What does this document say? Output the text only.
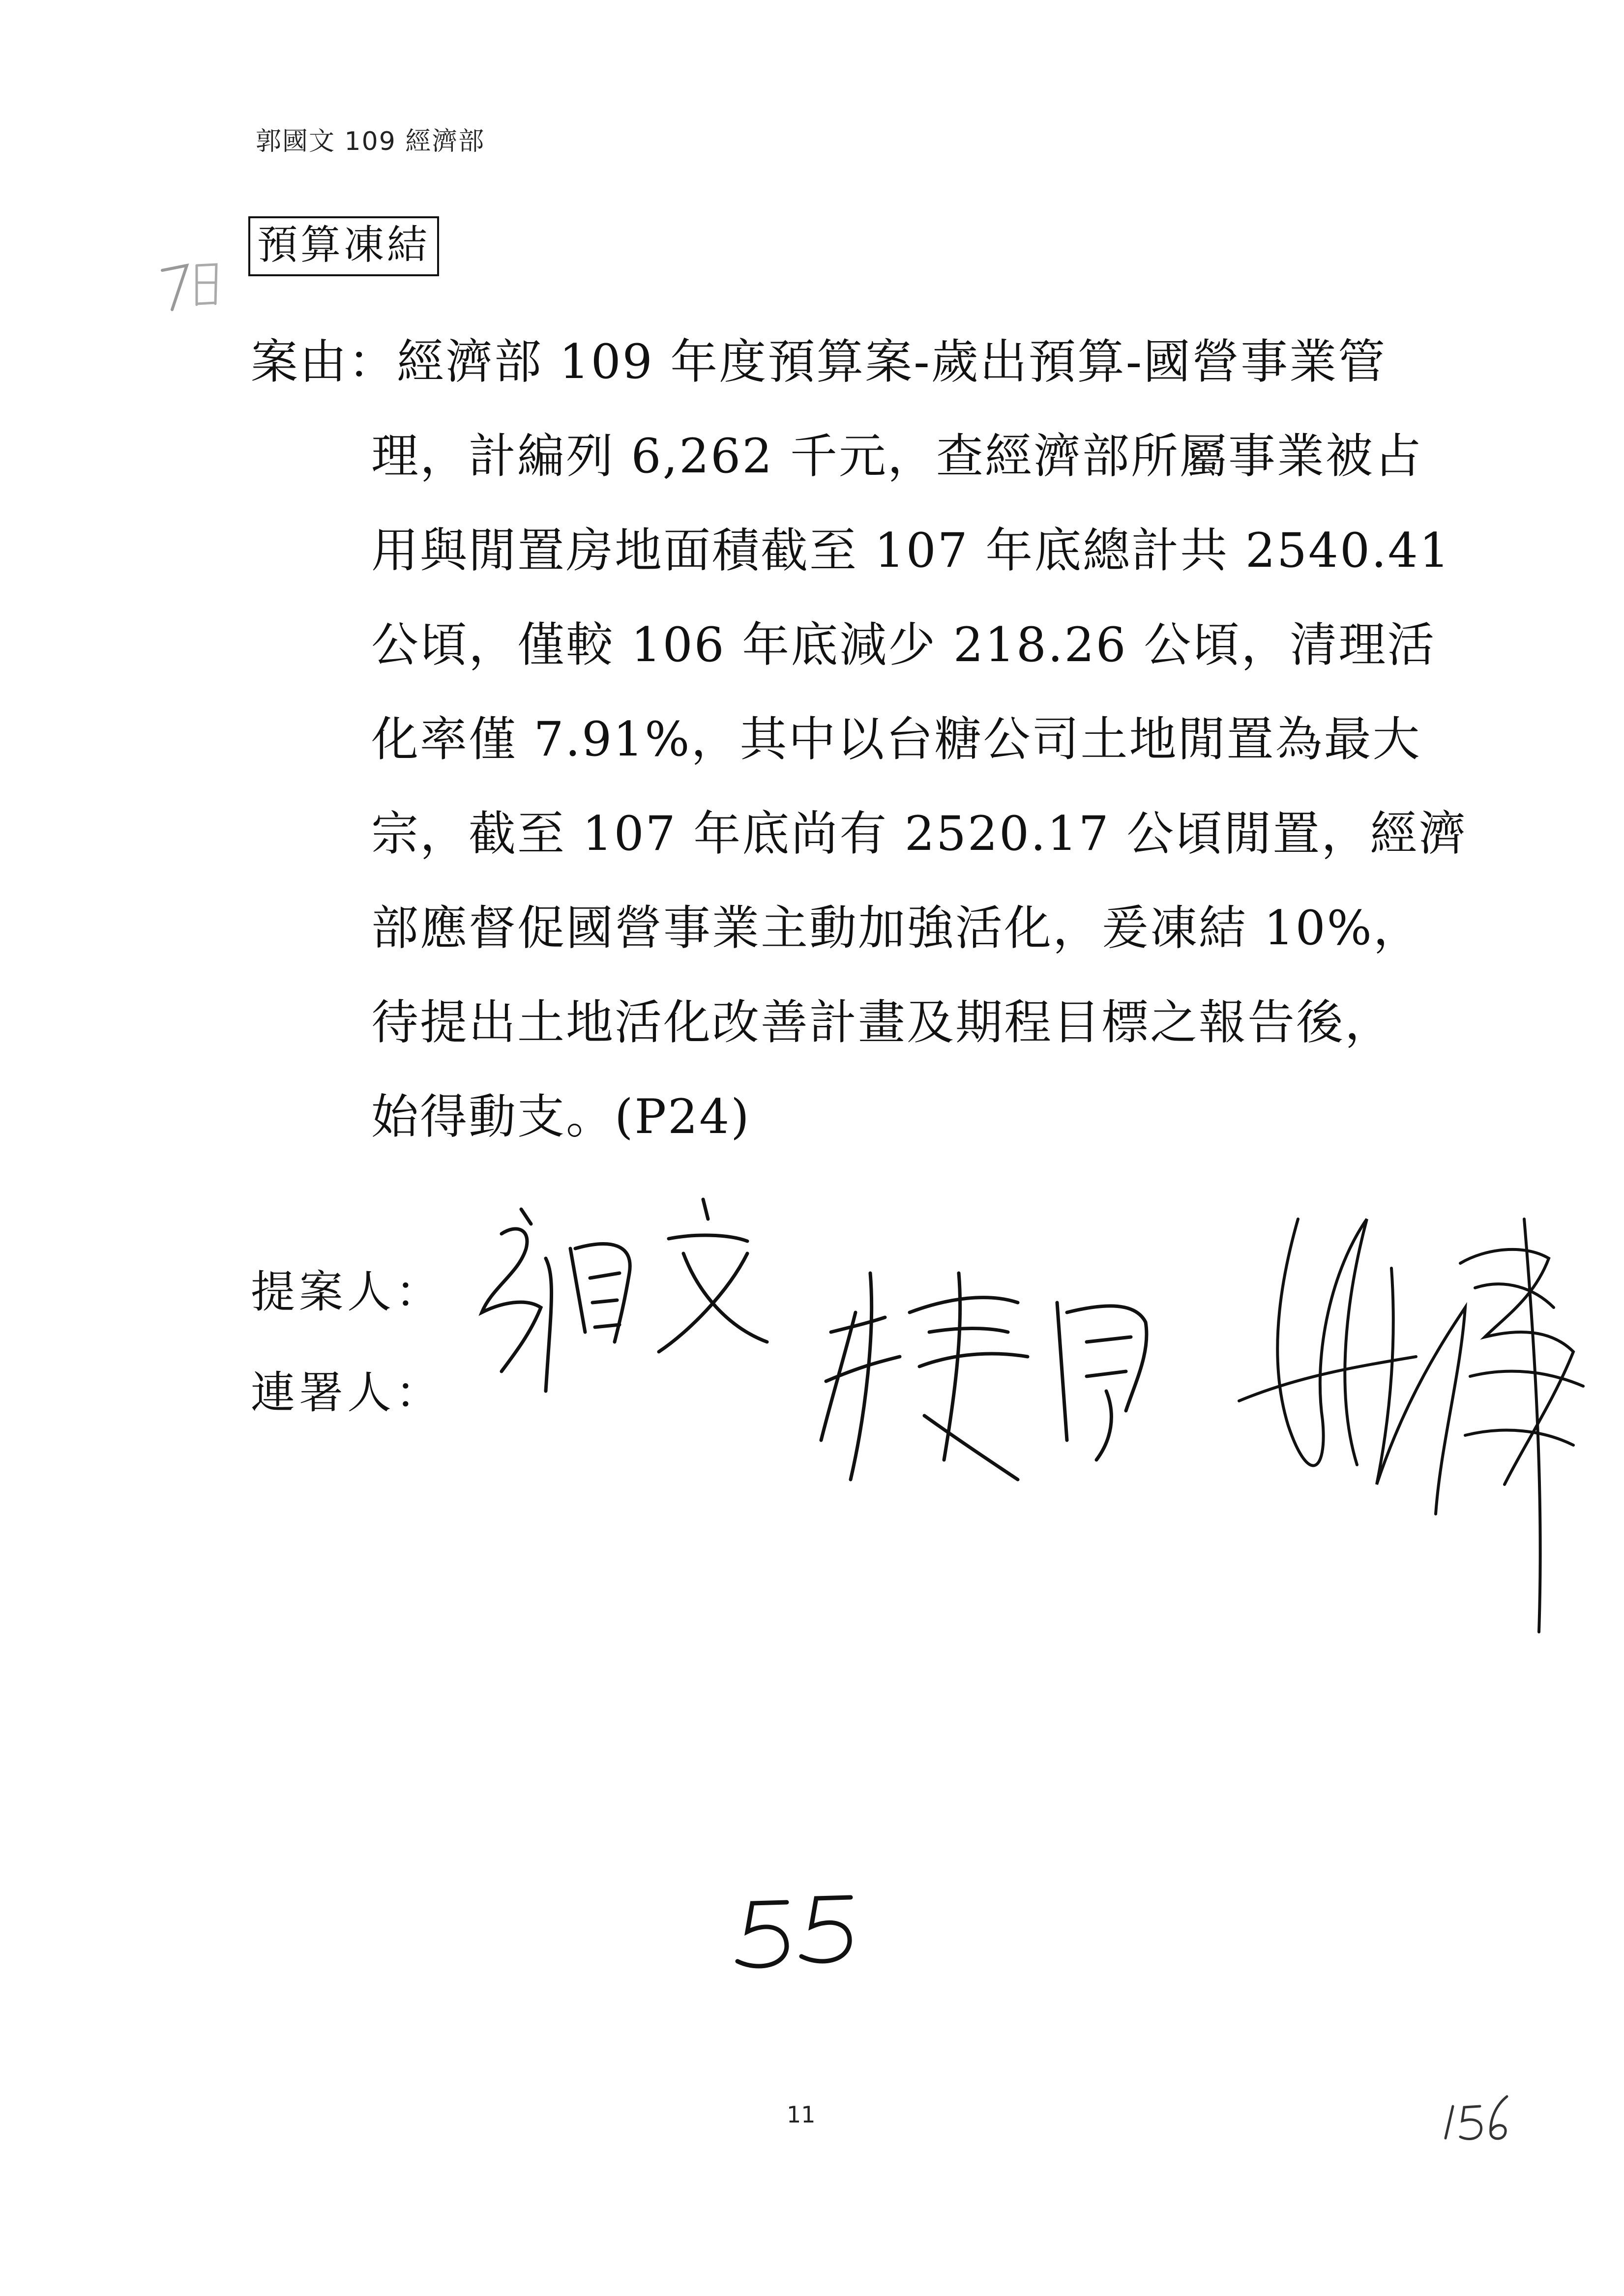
郭國文 109 經濟部
預算凍結
案由：經濟部 109 年度預算案-歲出預算-國營事業管
理，計編列 6,262 千元，查經濟部所屬事業被占
用與閒置房地面積截至 107 年底總計共 2540.41
公頃，僅較 106 年底減少 218.26 公頃，清理活
化率僅 7.91%，其中以台糖公司土地閒置為最大
宗，截至 107 年底尚有 2520.17 公頃閒置，經濟
部應督促國營事業主動加強活化，爰凍結 10%，
待提出土地活化改善計畫及期程目標之報告後，
始得動支。(P24)
提案人：
連署人：
11
